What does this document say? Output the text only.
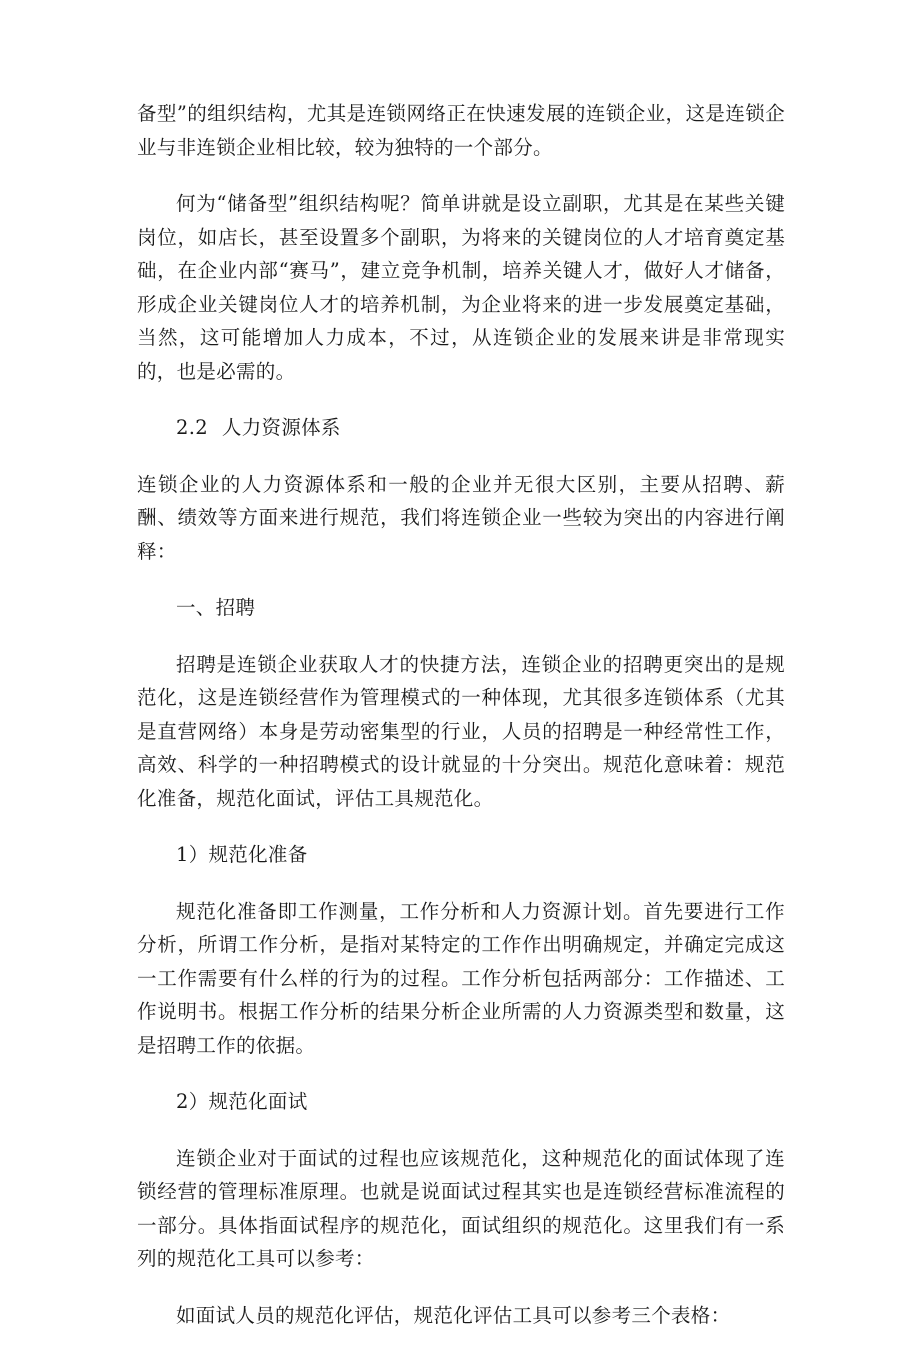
备型”的组织结构，尤其是连锁网络正在快速发展的连锁企业，这是连锁企业与非连锁企业相比较，较为独特的一个部分。

何为“储备型”组织结构呢？简单讲就是设立副职，尤其是在某些关键岗位，如店长，甚至设置多个副职，为将来的关键岗位的人才培育奠定基础，在企业内部“赛马”，建立竞争机制，培养关键人才，做好人才储备，形成企业关键岗位人才的培养机制，为企业将来的进一步发展奠定基础，当然，这可能增加人力成本，不过，从连锁企业的发展来讲是非常现实的，也是必需的。

2.2 人力资源体系

连锁企业的人力资源体系和一般的企业并无很大区别，主要从招聘、薪酬、绩效等方面来进行规范，我们将连锁企业一些较为突出的内容进行阐释：

一、招聘

招聘是连锁企业获取人才的快捷方法，连锁企业的招聘更突出的是规范化，这是连锁经营作为管理模式的一种体现，尤其很多连锁体系（尤其是直营网络）本身是劳动密集型的行业，人员的招聘是一种经常性工作，高效、科学的一种招聘模式的设计就显的十分突出。规范化意味着：规范化准备，规范化面试，评估工具规范化。

1）规范化准备

规范化准备即工作测量，工作分析和人力资源计划。首先要进行工作分析，所谓工作分析，是指对某特定的工作作出明确规定，并确定完成这一工作需要有什么样的行为的过程。工作分析包括两部分：工作描述、工作说明书。根据工作分析的结果分析企业所需的人力资源类型和数量，这是招聘工作的依据。

2）规范化面试

连锁企业对于面试的过程也应该规范化，这种规范化的面试体现了连锁经营的管理标准原理。也就是说面试过程其实也是连锁经营标准流程的一部分。具体指面试程序的规范化，面试组织的规范化。这里我们有一系列的规范化工具可以参考：

如面试人员的规范化评估，规范化评估工具可以参考三个表格：
